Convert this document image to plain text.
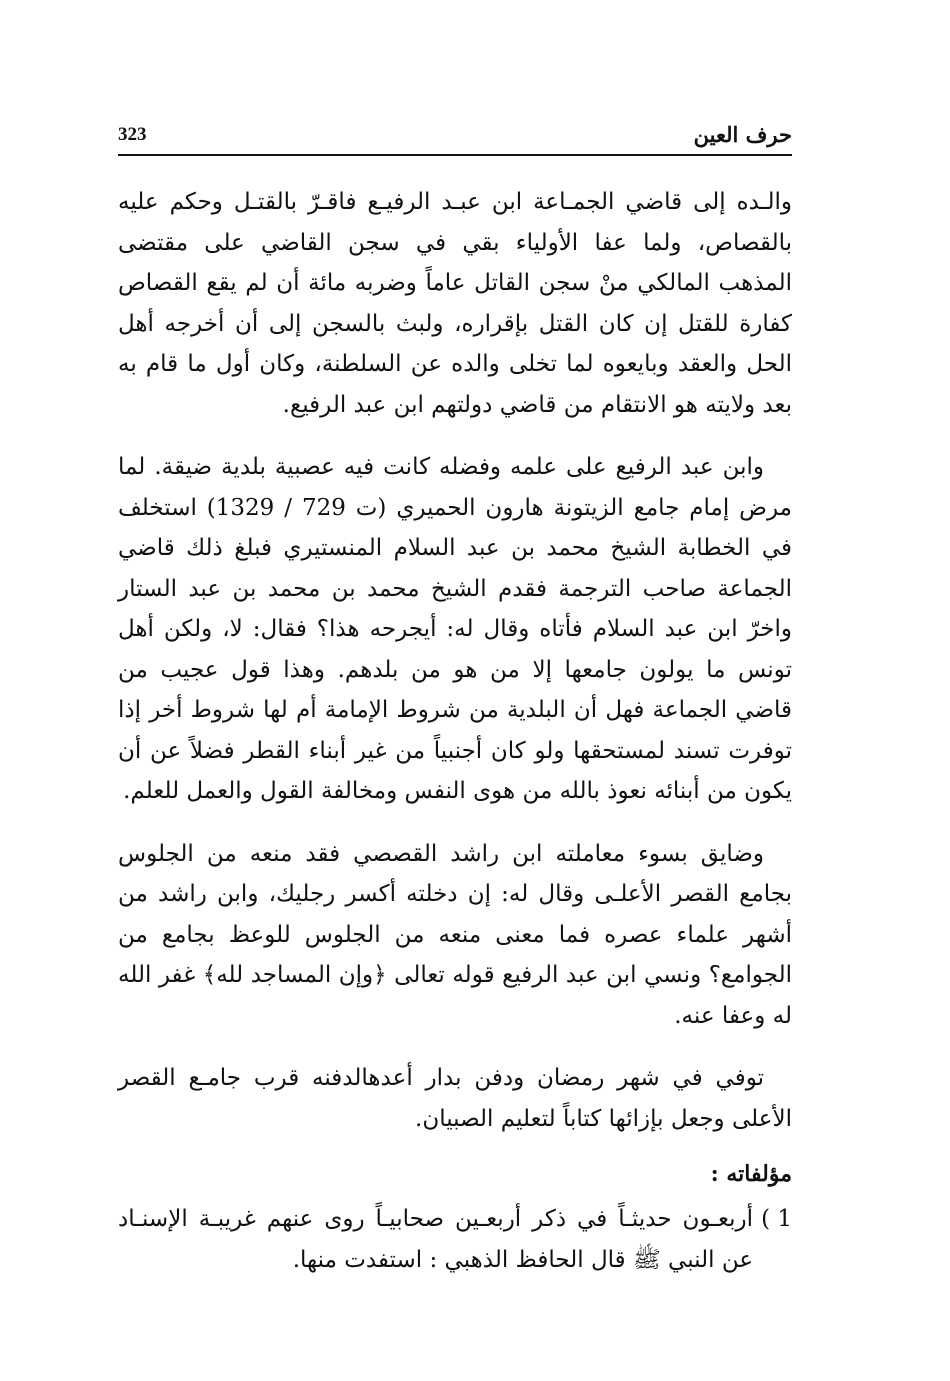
حرف العين
323

والـده إلى قاضي الجمـاعة ابن عبـد الرفيـع فاقـرّ بالقتـل وحكم عليه بالقصاص، ولما عفا الأولياء بقي في سجن القاضي على مقتضى المذهب المالكي منْ سجن القاتل عاماً وضربه مائة أن لم يقع القصاص كفارة للقتل إن كان القتل بإقراره، ولبث بالسجن إلى أن أخرجه أهل الحل والعقد وبايعوه لما تخلى والده عن السلطنة، وكان أول ما قام به بعد ولايته هو الانتقام من قاضي دولتهم ابن عبد الرفيع.

وابن عبد الرفيع على علمه وفضله كانت فيه عصبية بلدية ضيقة. لما مرض إمام جامع الزيتونة هارون الحميري (ت 729 / 1329) استخلف في الخطابة الشيخ محمد بن عبد السلام المنستيري فبلغ ذلك قاضي الجماعة صاحب الترجمة فقدم الشيخ محمد بن محمد بن عبد الستار واخرّ ابن عبد السلام فأتاه وقال له: أيجرحه هذا؟ فقال: لا، ولكن أهل تونس ما يولون جامعها إلا من هو من بلدهم. وهذا قول عجيب من قاضي الجماعة فهل أن البلدية من شروط الإمامة أم لها شروط أخر إذا توفرت تسند لمستحقها ولو كان أجنبياً من غير أبناء القطر فضلاً عن أن يكون من أبنائه نعوذ بالله من هوى النفس ومخالفة القول والعمل للعلم.

وضايق بسوء معاملته ابن راشد القصصي فقد منعه من الجلوس بجامع القصر الأعلـى وقال له: إن دخلته أكسر رجليك، وابن راشد من أشهر علماء عصره فما معنى منعه من الجلوس للوعظ بجامع من الجوامع؟ ونسي ابن عبد الرفيع قوله تعالى ﴿وإن المساجد لله﴾ غفر الله له وعفا عنه.

توفي في شهر رمضان ودفن بدار أعدهالدفنه قرب جامـع القصر الأعلى وجعل بإزائها كتاباً لتعليم الصبيان.

مؤلفاته :
1 )
أربعـون حديثـاً في ذكر أربعـين صحابيـاً روى عنهم غريبـة الإسنـاد عن النبي ﷺ قال الحافظ الذهبي : استفدت منها.
